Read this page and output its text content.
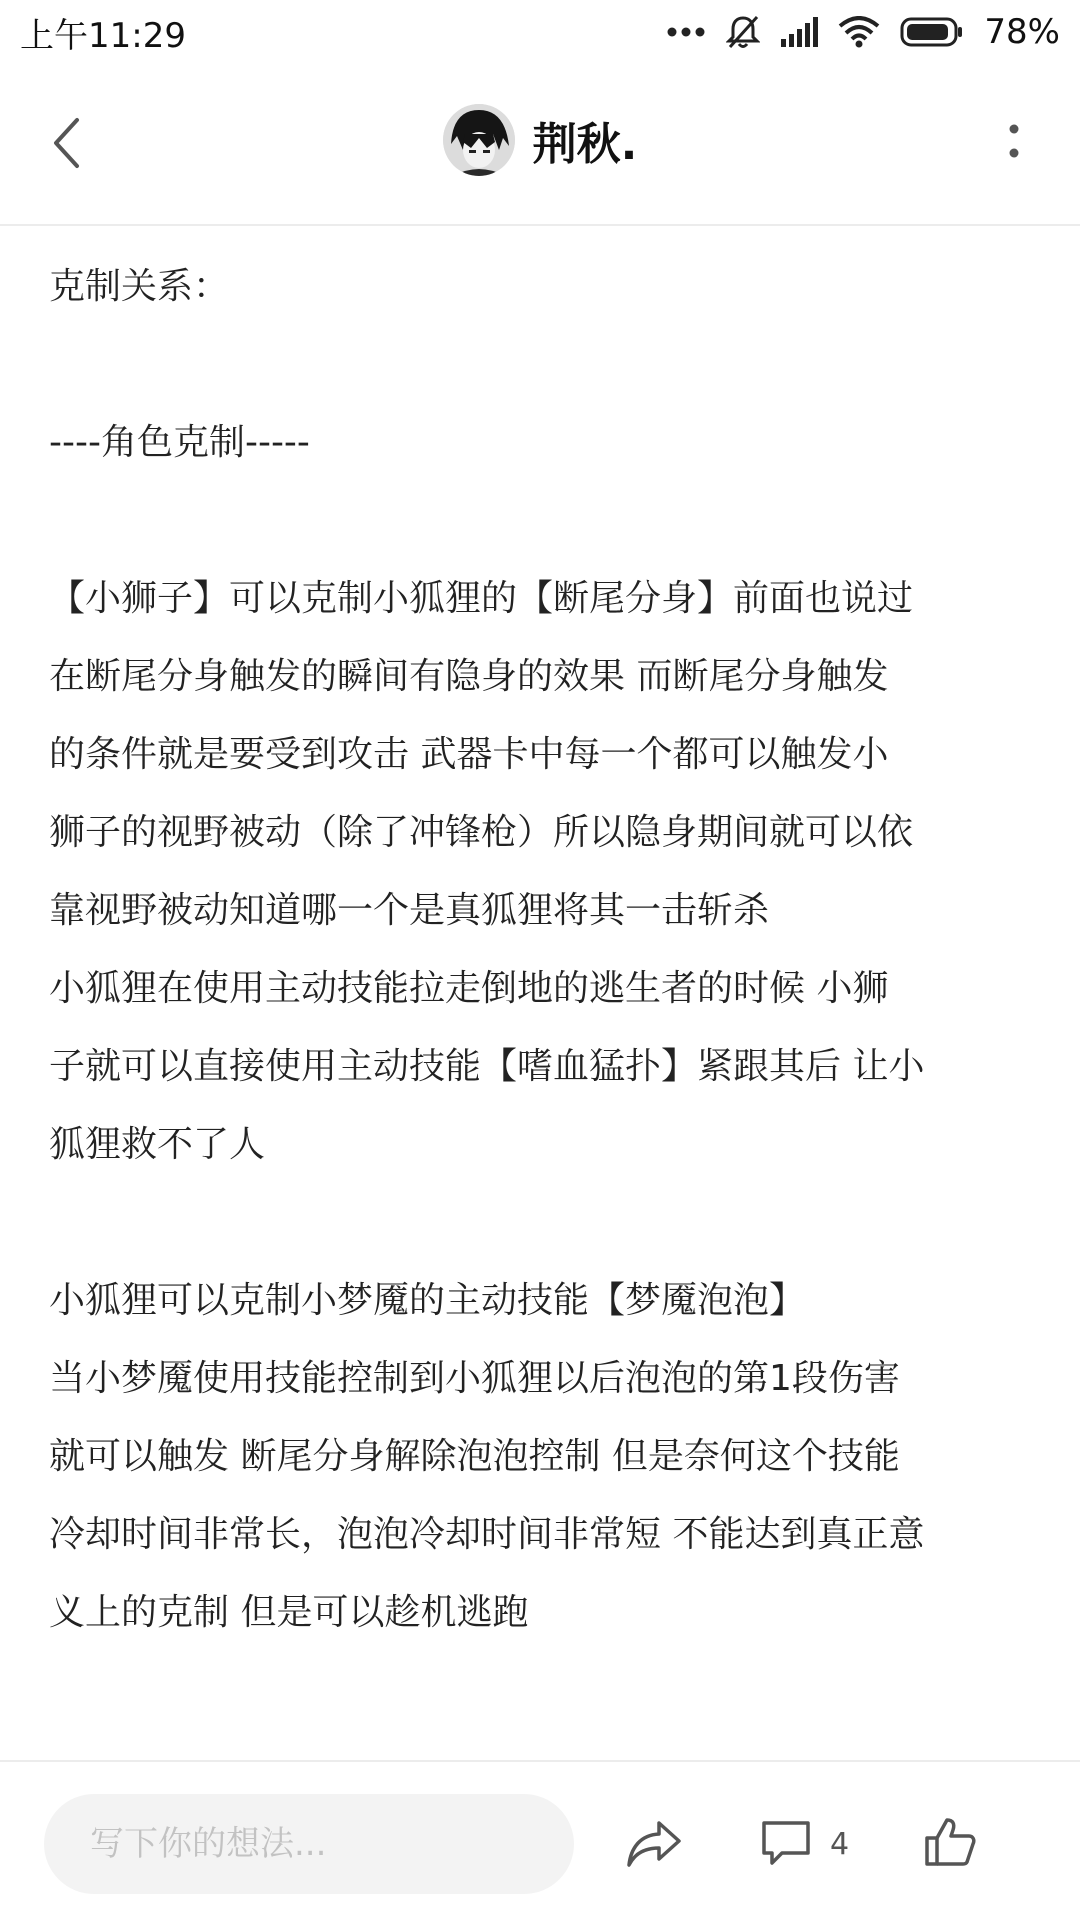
上午11:29	78%
荆秋.
克制关系：
----角色克制-----
【小狮子】可以克制小狐狸的【断尾分身】前面也说过
在断尾分身触发的瞬间有隐身的效果 而断尾分身触发
的条件就是要受到攻击 武器卡中每一个都可以触发小
狮子的视野被动（除了冲锋枪）所以隐身期间就可以依
靠视野被动知道哪一个是真狐狸将其一击斩杀
小狐狸在使用主动技能拉走倒地的逃生者的时候 小狮
子就可以直接使用主动技能【嗜血猛扑】紧跟其后 让小
狐狸救不了人
小狐狸可以克制小梦魇的主动技能【梦魇泡泡】
当小梦魇使用技能控制到小狐狸以后泡泡的第1段伤害
就可以触发 断尾分身解除泡泡控制 但是奈何这个技能
冷却时间非常长，泡泡冷却时间非常短 不能达到真正意
义上的克制 但是可以趁机逃跑
写下你的想法...
4
